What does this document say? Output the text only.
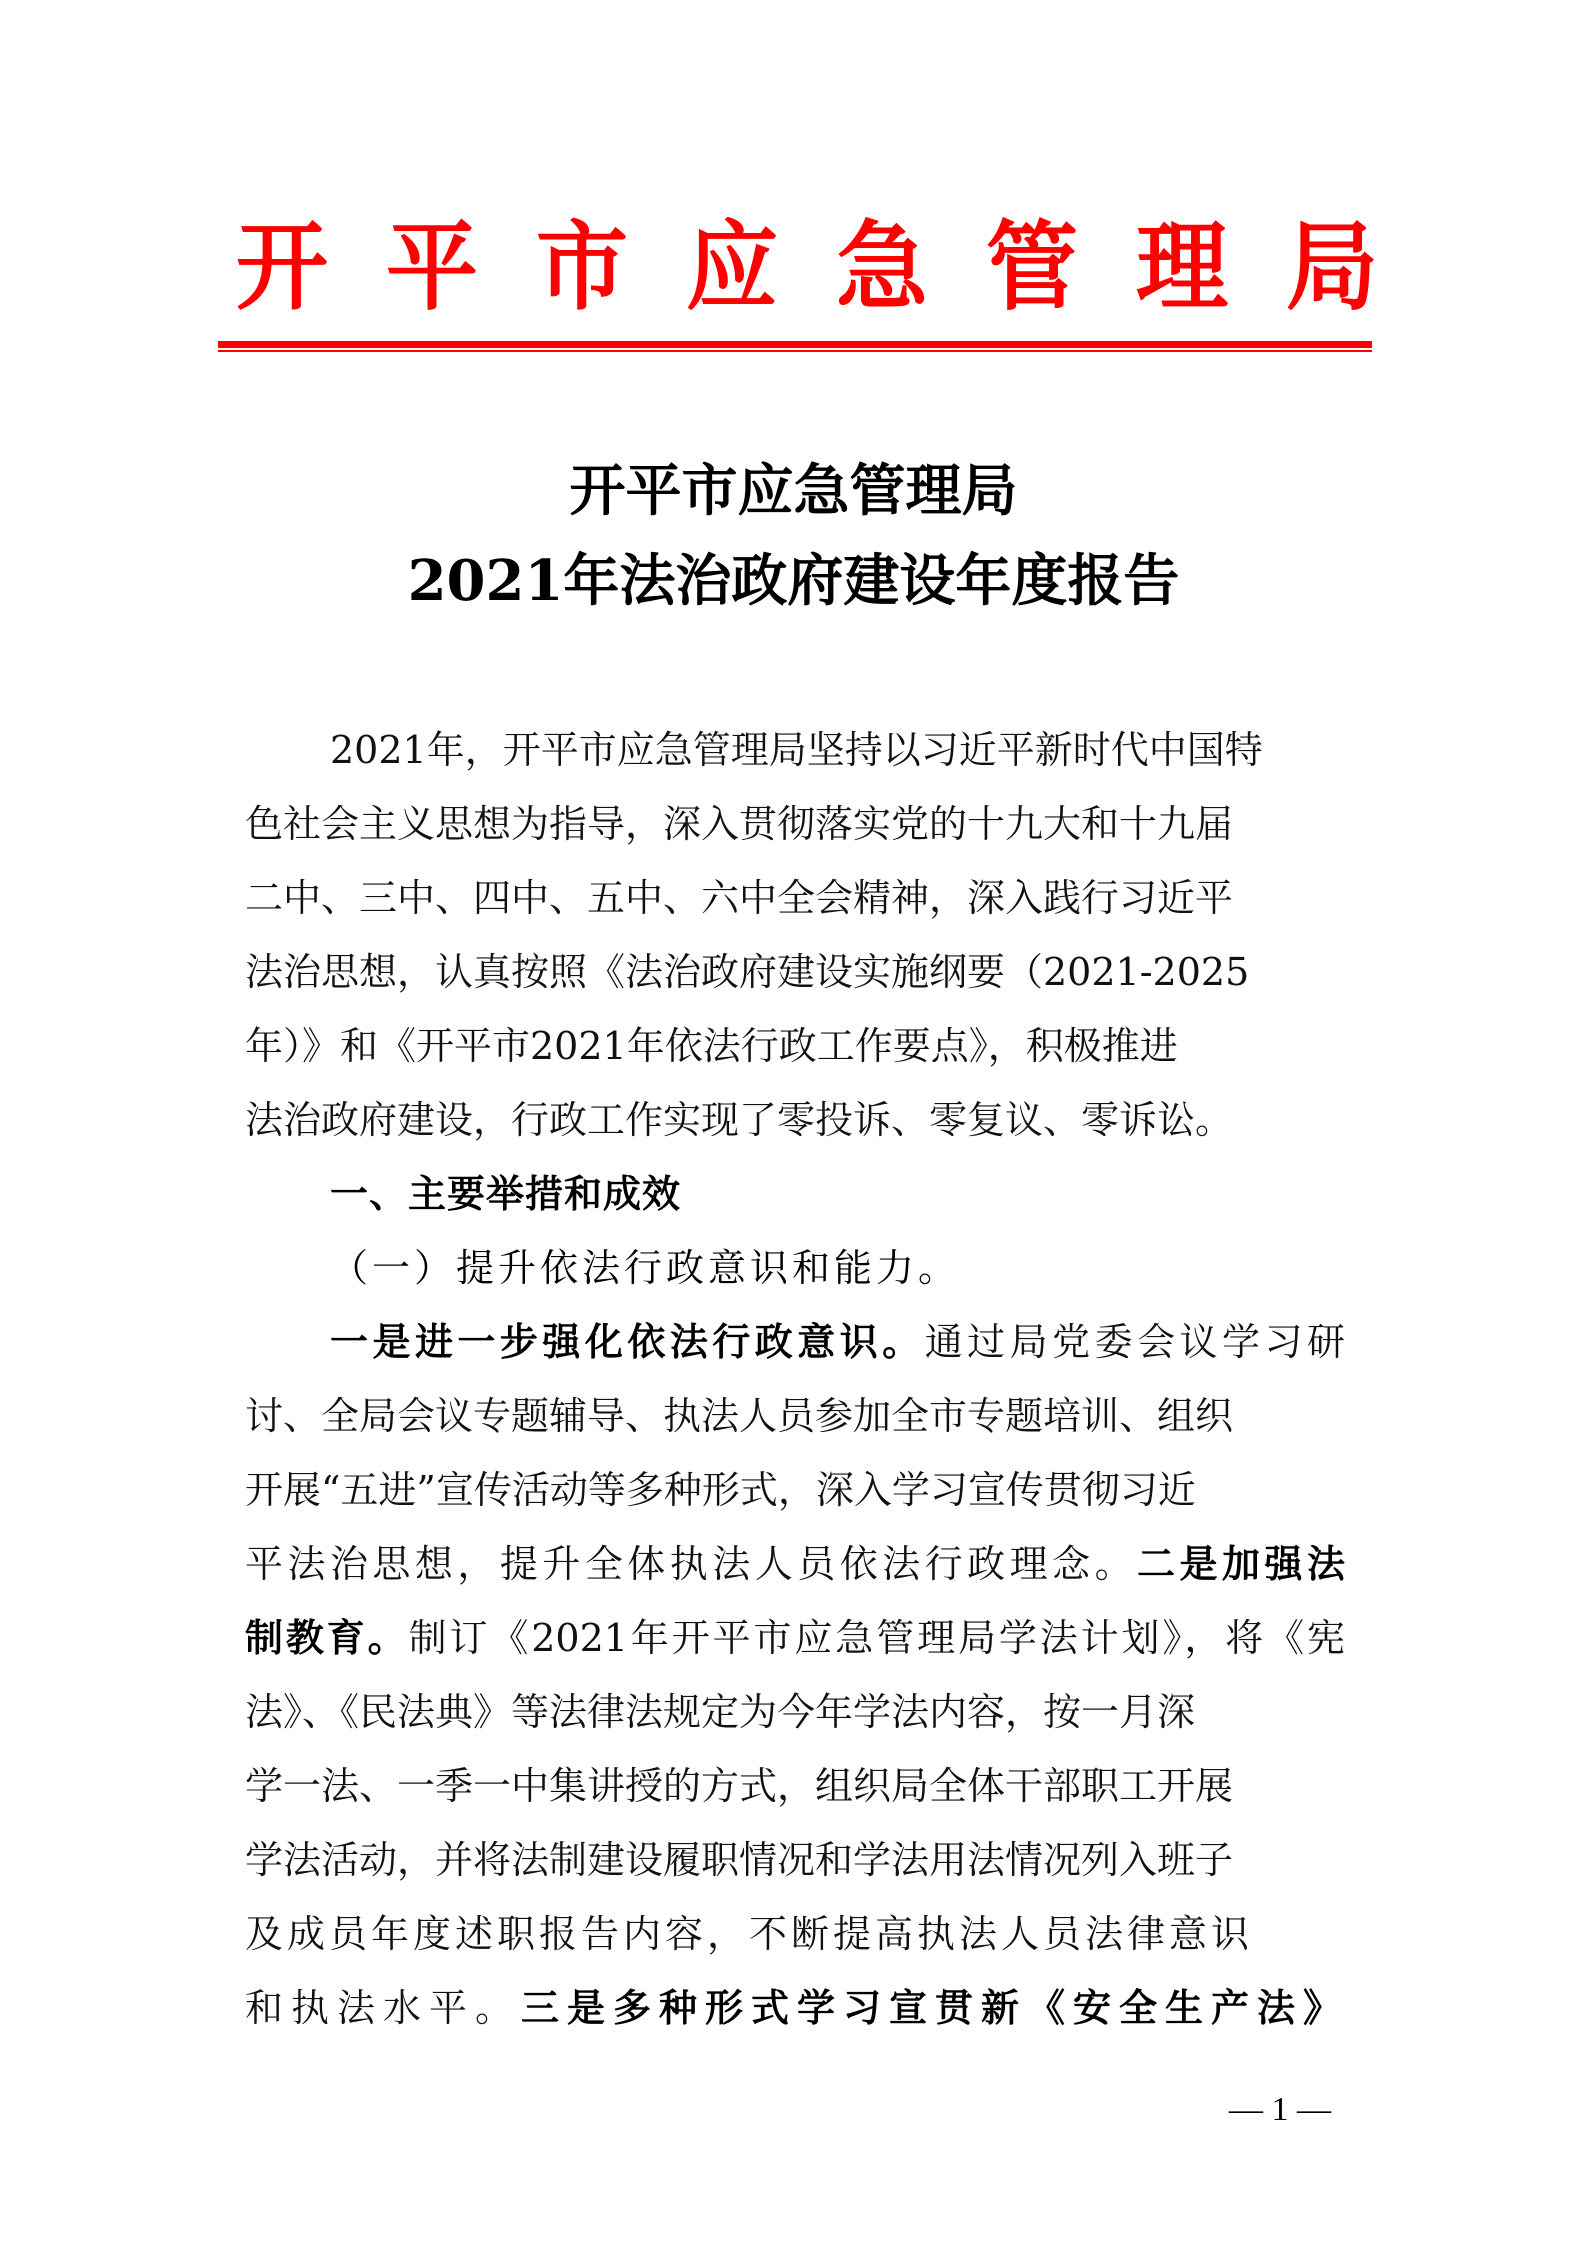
开 平 市 应 急 管 理 局
开平市应急管理局
2021年法治政府建设年度报告
2021年，开平市应急管理局坚持以习近平新时代中国特
色社会主义思想为指导，深入贯彻落实党的十九大和十九届
二中、三中、四中、五中、六中全会精神，深入践行习近平
法治思想，认真按照《法治政府建设实施纲要（2021-2025
年）》和《开平市2021年依法行政工作要点》，积极推进
法治政府建设，行政工作实现了零投诉、零复议、零诉讼。
一、主要举措和成效
（一）提升依法行政意识和能力。
一是进一步强化依法行政意识。通过局党委会议学习研
讨、全局会议专题辅导、执法人员参加全市专题培训、组织
开展“五进”宣传活动等多种形式，深入学习宣传贯彻习近
平法治思想，提升全体执法人员依法行政理念。二是加强法
制教育。制订《2021年开平市应急管理局学法计划》，将《宪
法》、《民法典》等法律法规定为今年学法内容，按一月深
学一法、一季一中集讲授的方式，组织局全体干部职工开展
学法活动，并将法制建设履职情况和学法用法情况列入班子
及成员年度述职报告内容，不断提高执法人员法律意识
和执法水平。三是多种形式学习宣贯新《安全生产法》
— 1 —
